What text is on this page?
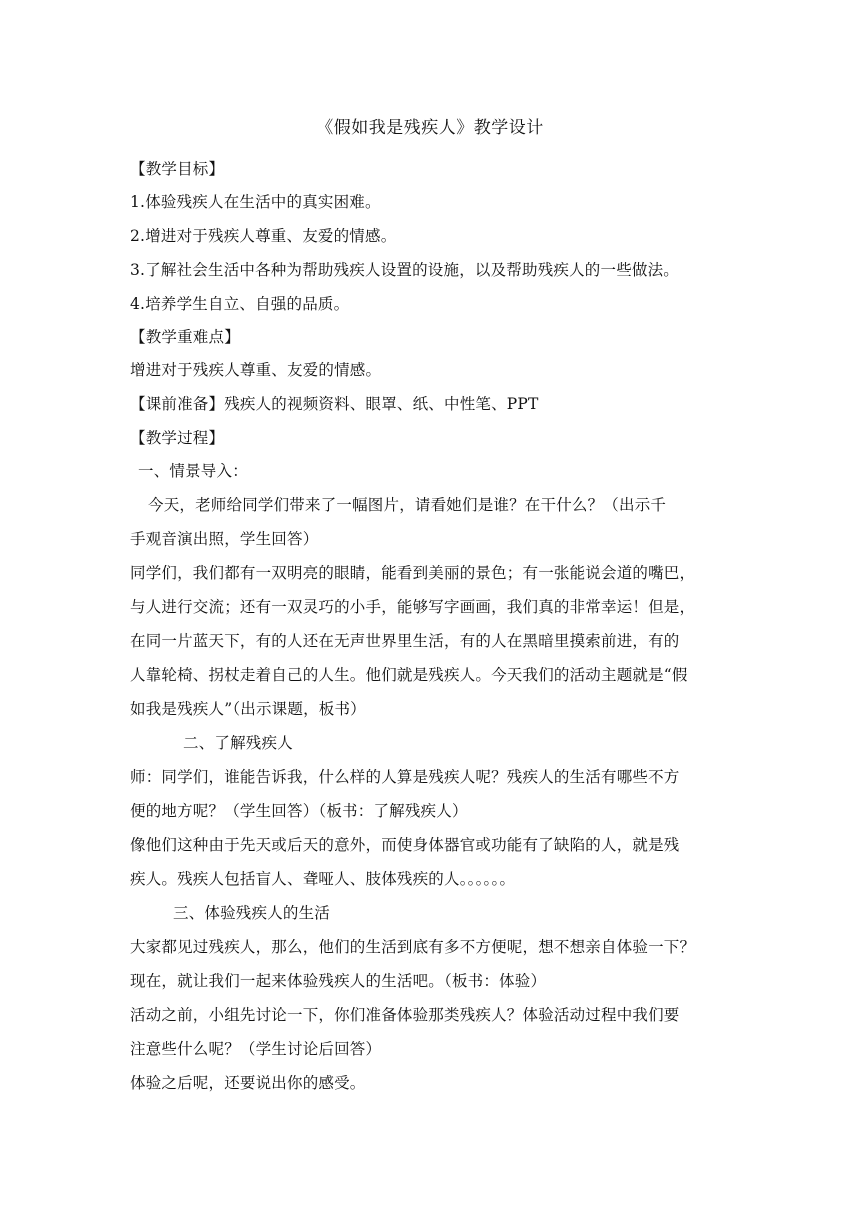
《假如我是残疾人》教学设计
【教学目标】
1.体验残疾人在生活中的真实困难。
2.增进对于残疾人尊重、友爱的情感。
3.了解社会生活中各种为帮助残疾人设置的设施，以及帮助残疾人的一些做法。
4.培养学生自立、自强的品质。
【教学重难点】
增进对于残疾人尊重、友爱的情感。
【课前准备】残疾人的视频资料、眼罩、纸、中性笔、PPT
【教学过程】
一、情景导入：
今天，老师给同学们带来了一幅图片，请看她们是谁？在干什么？（出示千
手观音演出照，学生回答）
同学们，我们都有一双明亮的眼睛，能看到美丽的景色；有一张能说会道的嘴巴，
与人进行交流；还有一双灵巧的小手，能够写字画画，我们真的非常幸运！但是，
在同一片蓝天下，有的人还在无声世界里生活，有的人在黑暗里摸索前进，有的
人靠轮椅、拐杖走着自己的人生。他们就是残疾人。今天我们的活动主题就是“假
如我是残疾人”（出示课题，板书）
二、了解残疾人
师：同学们，谁能告诉我，什么样的人算是残疾人呢？残疾人的生活有哪些不方
便的地方呢？（学生回答）（板书：了解残疾人）
像他们这种由于先天或后天的意外，而使身体器官或功能有了缺陷的人，就是残
疾人。残疾人包括盲人、聋哑人、肢体残疾的人。。。。。。
三、体验残疾人的生活
大家都见过残疾人，那么，他们的生活到底有多不方便呢，想不想亲自体验一下？
现在，就让我们一起来体验残疾人的生活吧。（板书：体验）
活动之前，小组先讨论一下，你们准备体验那类残疾人？体验活动过程中我们要
注意些什么呢？（学生讨论后回答）
体验之后呢，还要说出你的感受。
